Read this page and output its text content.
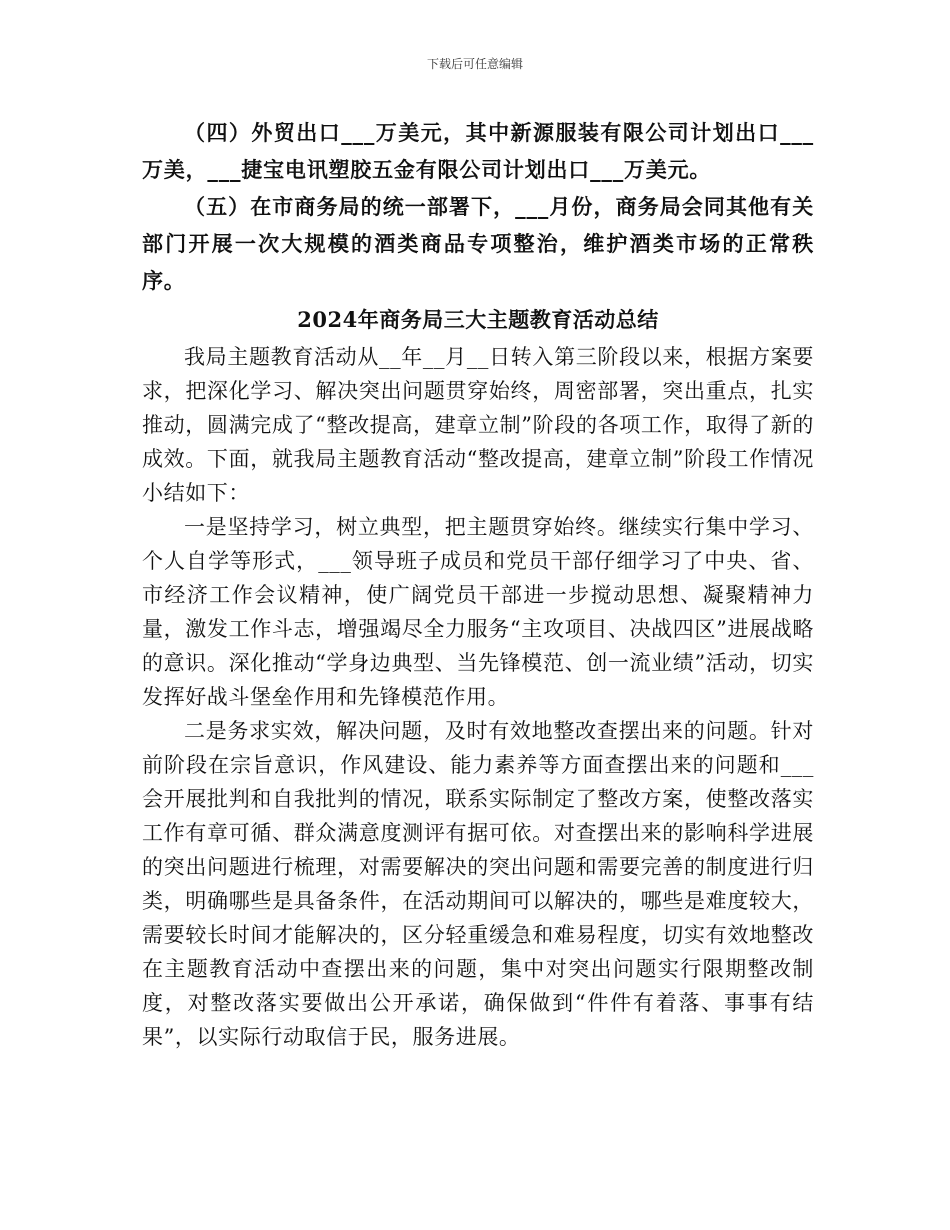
下载后可任意编辑

（四）外贸出口___万美元，其中新源服装有限公司计划出口___万美，___捷宝电讯塑胶五金有限公司计划出口___万美元。

（五）在市商务局的统一部署下，___月份，商务局会同其他有关部门开展一次大规模的酒类商品专项整治，维护酒类市场的正常秩序。

2024年商务局三大主题教育活动总结

我局主题教育活动从__年__月__日转入第三阶段以来，根据方案要求，把深化学习、解决突出问题贯穿始终，周密部署，突出重点，扎实推动，圆满完成了“整改提高，建章立制”阶段的各项工作，取得了新的成效。下面，就我局主题教育活动“整改提高，建章立制”阶段工作情况小结如下：

一是坚持学习，树立典型，把主题贯穿始终。继续实行集中学习、个人自学等形式，___领导班子成员和党员干部仔细学习了中央、省、市经济工作会议精神，使广阔党员干部进一步搅动思想、凝聚精神力量，激发工作斗志，增强竭尽全力服务“主攻项目、决战四区”进展战略的意识。深化推动“学身边典型、当先锋模范、创一流业绩”活动，切实发挥好战斗堡垒作用和先锋模范作用。

二是务求实效，解决问题，及时有效地整改查摆出来的问题。针对前阶段在宗旨意识，作风建设、能力素养等方面查摆出来的问题和___会开展批判和自我批判的情况，联系实际制定了整改方案，使整改落实工作有章可循、群众满意度测评有据可依。对查摆出来的影响科学进展的突出问题进行梳理，对需要解决的突出问题和需要完善的制度进行归类，明确哪些是具备条件，在活动期间可以解决的，哪些是难度较大，需要较长时间才能解决的，区分轻重缓急和难易程度，切实有效地整改在主题教育活动中查摆出来的问题，集中对突出问题实行限期整改制度，对整改落实要做出公开承诺，确保做到“件件有着落、事事有结果”，以实际行动取信于民，服务进展。
